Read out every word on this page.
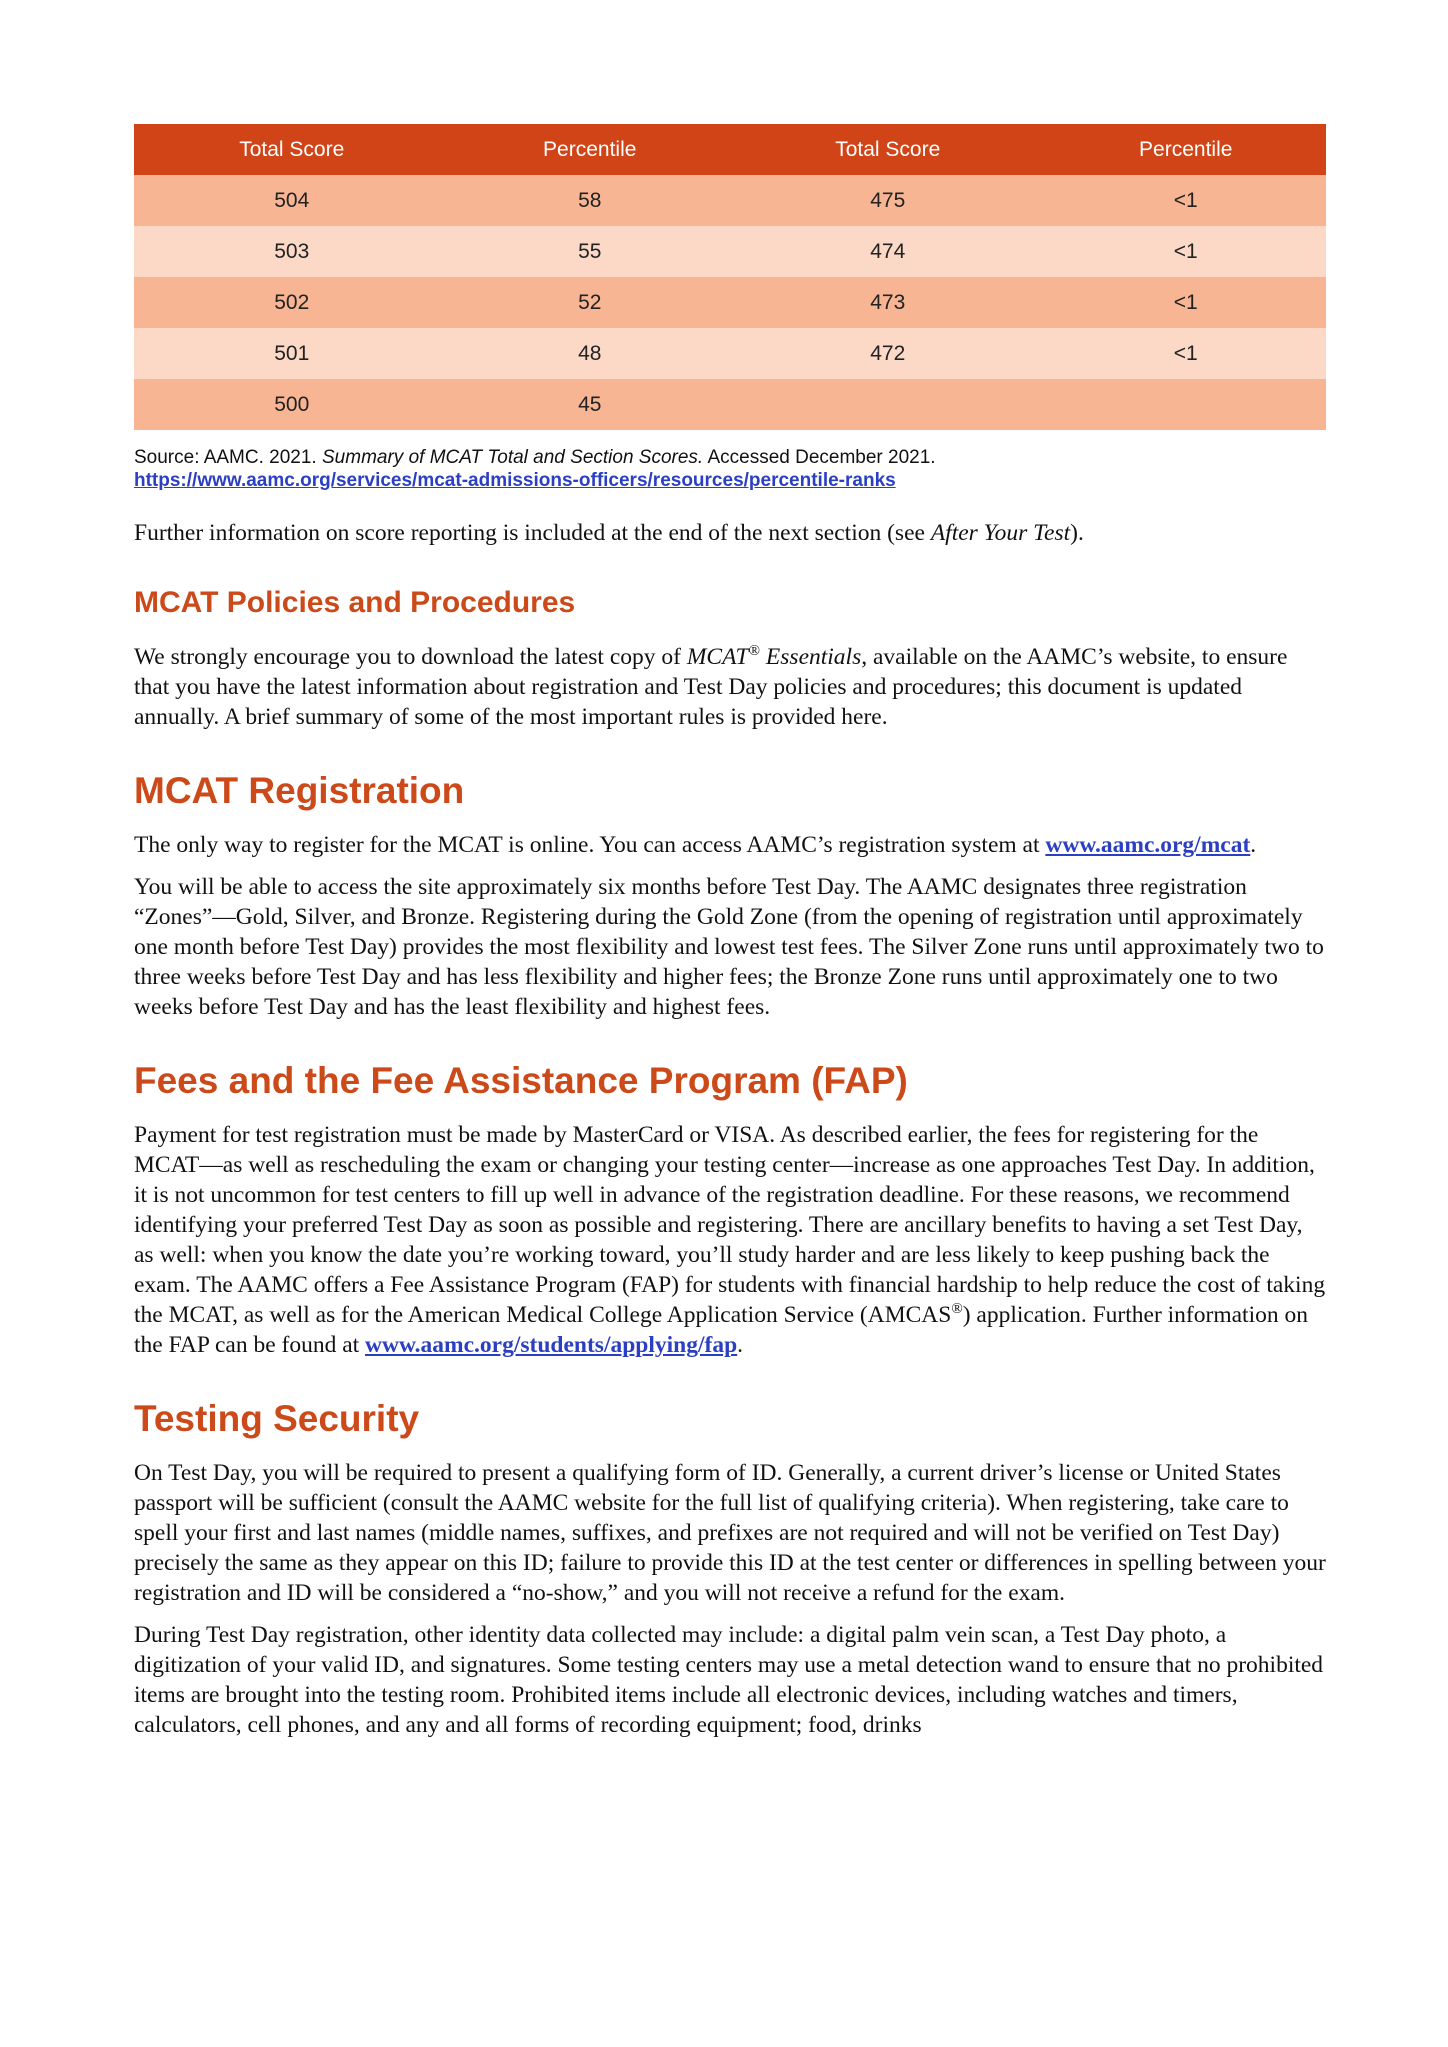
Total Score	Percentile	Total Score	Percentile
504	58	475	<1
503	55	474	<1
502	52	473	<1
501	48	472	<1
500	45		
Source: AAMC. 2021. Summary of MCAT Total and Section Scores. Accessed December 2021.
https://www.aamc.org/services/mcat-admissions-officers/resources/percentile-ranks

Further information on score reporting is included at the end of the next section (see After Your Test).

MCAT Policies and Procedures

We strongly encourage you to download the latest copy of MCAT® Essentials, available on the AAMC’s website, to ensure that you have the latest information about registration and Test Day policies and procedures; this document is updated annually. A brief summary of some of the most important rules is provided here.

MCAT Registration

The only way to register for the MCAT is online. You can access AAMC’s registration system at www.aamc.org/mcat.

You will be able to access the site approximately six months before Test Day. The AAMC designates three registration “Zones”—Gold, Silver, and Bronze. Registering during the Gold Zone (from the opening of registration until approximately one month before Test Day) provides the most flexibility and lowest test fees. The Silver Zone runs until approximately two to three weeks before Test Day and has less flexibility and higher fees; the Bronze Zone runs until approximately one to two weeks before Test Day and has the least flexibility and highest fees.

Fees and the Fee Assistance Program (FAP)

Payment for test registration must be made by MasterCard or VISA. As described earlier, the fees for registering for the MCAT—as well as rescheduling the exam or changing your testing center—increase as one approaches Test Day. In addition, it is not uncommon for test centers to fill up well in advance of the registration deadline. For these reasons, we recommend identifying your preferred Test Day as soon as possible and registering. There are ancillary benefits to having a set Test Day, as well: when you know the date you’re working toward, you’ll study harder and are less likely to keep pushing back the exam. The AAMC offers a Fee Assistance Program (FAP) for students with financial hardship to help reduce the cost of taking the MCAT, as well as for the American Medical College Application Service (AMCAS®) application. Further information on the FAP can be found at www.aamc.org/students/applying/fap.

Testing Security

On Test Day, you will be required to present a qualifying form of ID. Generally, a current driver’s license or United States passport will be sufficient (consult the AAMC website for the full list of qualifying criteria). When registering, take care to spell your first and last names (middle names, suffixes, and prefixes are not required and will not be verified on Test Day) precisely the same as they appear on this ID; failure to provide this ID at the test center or differences in spelling between your registration and ID will be considered a “no-show,” and you will not receive a refund for the exam.

During Test Day registration, other identity data collected may include: a digital palm vein scan, a Test Day photo, a digitization of your valid ID, and signatures. Some testing centers may use a metal detection wand to ensure that no prohibited items are brought into the testing room. Prohibited items include all electronic devices, including watches and timers, calculators, cell phones, and any and all forms of recording equipment; food, drinks
